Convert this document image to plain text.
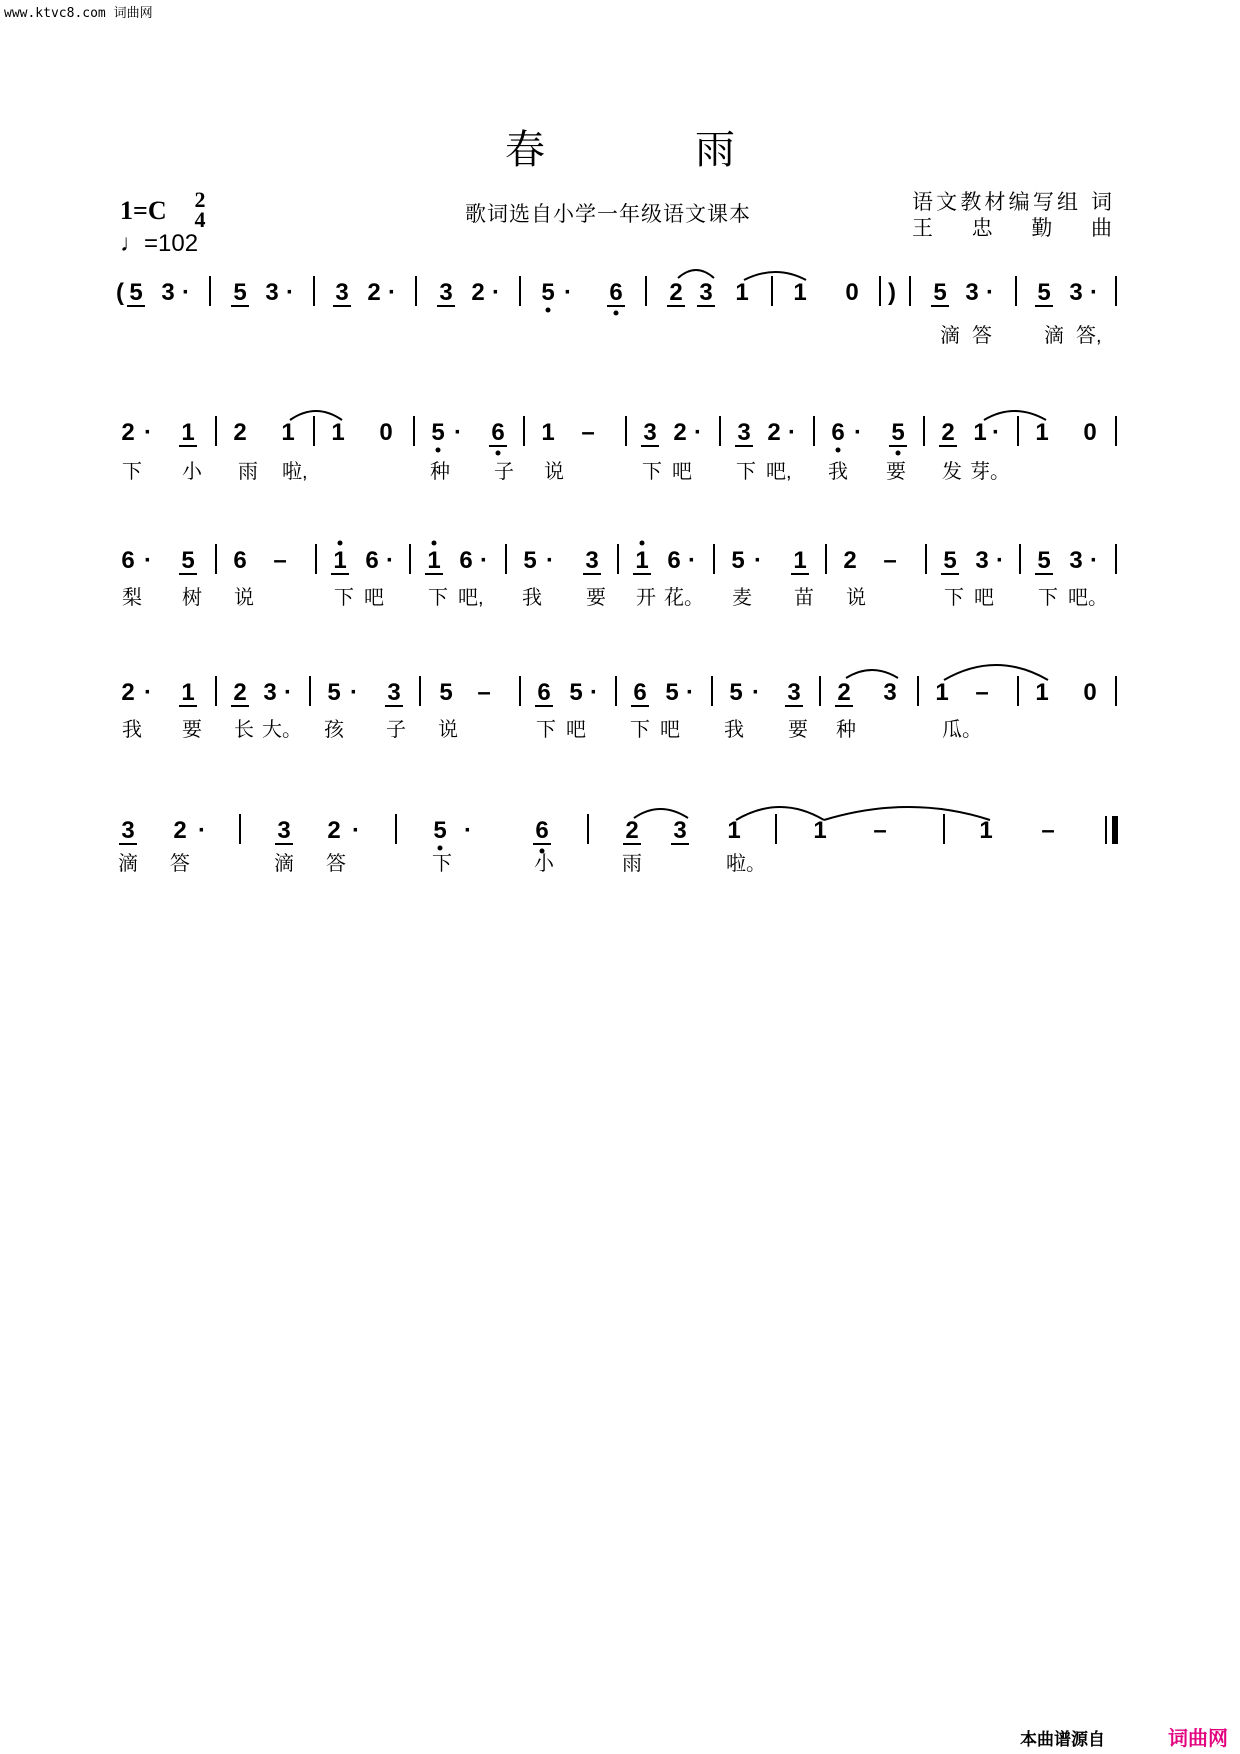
www.ktvc8.com 词曲网
春雨
1=C 2
4
♩=102
歌词选自小学一年级语文课本	语文教材编写组 词
王 忠 勤 曲
( 5 3 · 5 3 · 3 2 · 3 2 · 5 · 6 2 3 1 1 0 ) 5 3 · 5 3 ·
滴 答	滴 答,
2 · 1 2 1 1 0 5 · 6 1 – 3 2 · 3 2 · 6 · 5 2 1 · 1 0
下 小 雨 啦,	种 子 说	下 吧 下 吧, 我 要 发 芽。
6 · 5 6 – 1 6 · 1 6 · 5 · 3 1 6 · 5 · 1 2 – 5 3 · 5 3 ·
梨 树 说	下 吧 下 吧, 我 要 开 花。 麦 苗 说	下 吧 下 吧。
2 · 1 2 3 · 5 · 3 5 – 6 5 · 6 5 · 5 · 3 2 3 1 – 1 0
我 要 长 大。 孩 子 说	下 吧 下 吧 我 要 种	瓜。
3 2 ·	3 2 ·	5 ·	6	2 3 1	1 –	1 –
滴 答	滴 答	下	小	雨	啦。
本曲谱源自	词曲网
